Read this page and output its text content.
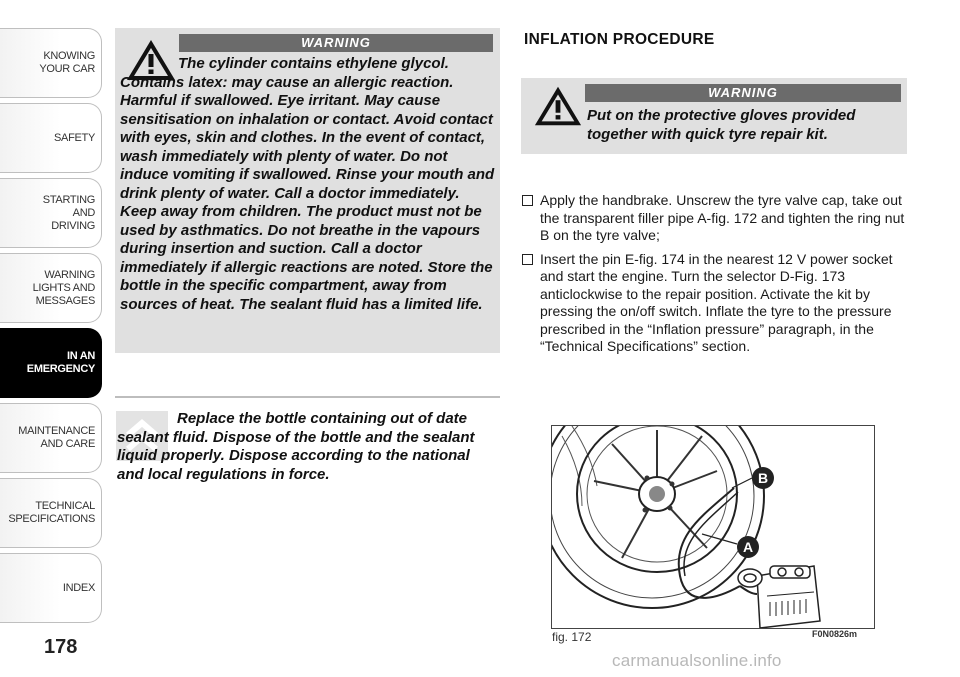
KNOWING
YOUR CAR
SAFETY
STARTING
AND
DRIVING
WARNING
LIGHTS AND
MESSAGES
IN AN
EMERGENCY
MAINTENANCE
AND CARE
TECHNICAL
SPECIFICATIONS
INDEX
178
WARNING

The cylinder contains ethylene glycol. Contains latex: may cause an allergic reaction. Harmful if swallowed. Eye irritant. May cause sensitisation on inhalation or contact. Avoid contact with eyes, skin and clothes. In the event of contact, wash immediately with plenty of water. Do not induce vomiting if swallowed. Rinse your mouth and drink plenty of water. Call a doctor immediately. Keep away from children. The product must not be used by asthmatics. Do not breathe in the vapours during insertion and suction. Call a doctor immediately if allergic reactions are noted. Store the bottle in the specific compartment, away from sources of heat. The sealant fluid has a limited life.

Replace the bottle containing out of date sealant fluid. Dispose of the bottle and the sealant liquid properly. Dispose according to the national and local regulations in force.

INFLATION PROCEDURE
WARNING

Put on the protective gloves provided together with quick tyre repair kit.

Apply the handbrake. Unscrew the tyre valve cap, take out the transparent filler pipe A-fig. 172 and tighten the ring nut B on the tyre valve;
Insert the pin E-fig. 174 in the nearest 12 V power socket and start the engine. Turn the selector D-Fig. 173 anticlockwise to the repair position. Activate the kit by pressing the on/off switch. Inflate the tyre to the pressure prescribed in the “Inflation pressure” paragraph, in the “Technical Specifications” section.
B
A
fig. 172	F0N0826m
carmanualsonline.info
